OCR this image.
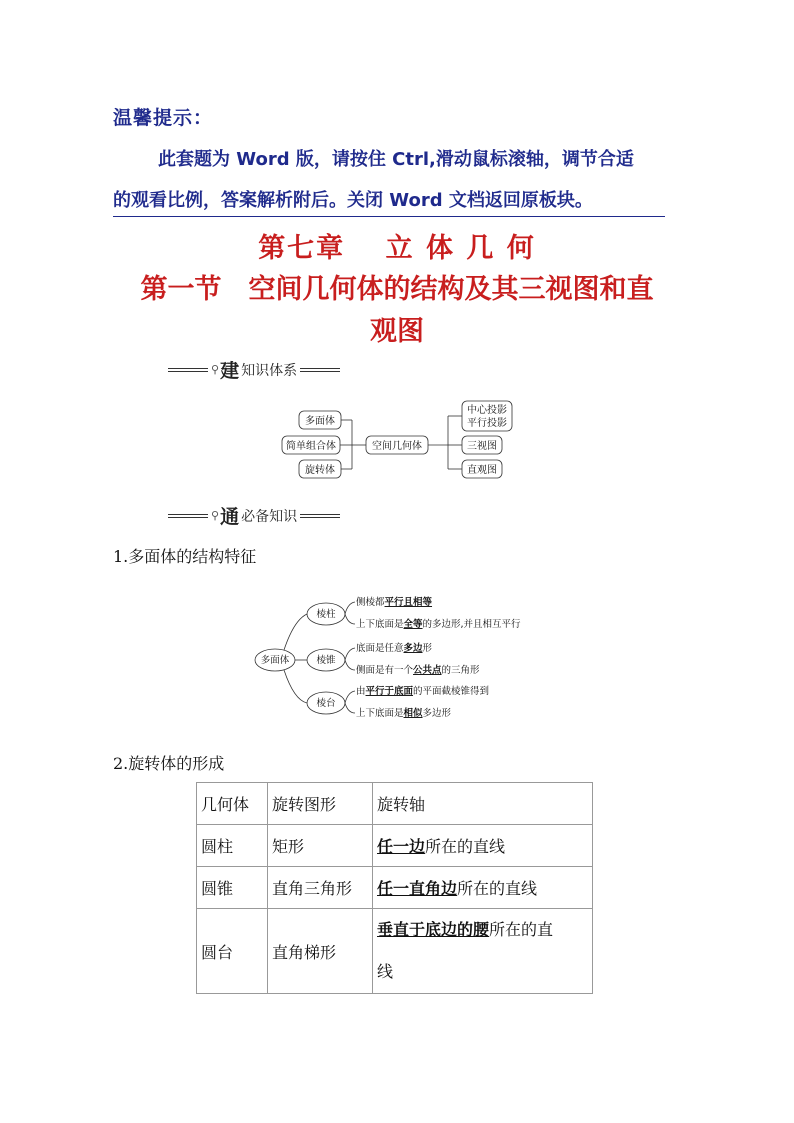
温馨提示：
此套题为 Word 版，请按住 Ctrl,滑动鼠标滚轴，调节合适
的观看比例，答案解析附后。关闭 Word 文档返回原板块。
第七章　 立 体 几 何
第一节　空间几何体的结构及其三视图和直
观图
⚲ 建 知识体系
多面体
简单组合体
旋转体
空间几何体
中心投影
平行投影
三视图
直观图
⚲ 通 必备知识
1.多面体的结构特征
多面体
棱柱
棱锥
棱台
侧棱都平行且相等
上下底面是全等的多边形,并且相互平行
底面是任意多边形
侧面是有一个公共点的三角形
由平行于底面的平面截棱锥得到
上下底面是相似多边形
2.旋转体的形成
几何体	旋转图形	旋转轴
圆柱	矩形	任一边所在的直线
圆锥	直角三角形	任一直角边所在的直线
圆台	直角梯形	垂直于底边的腰所在的直
线
